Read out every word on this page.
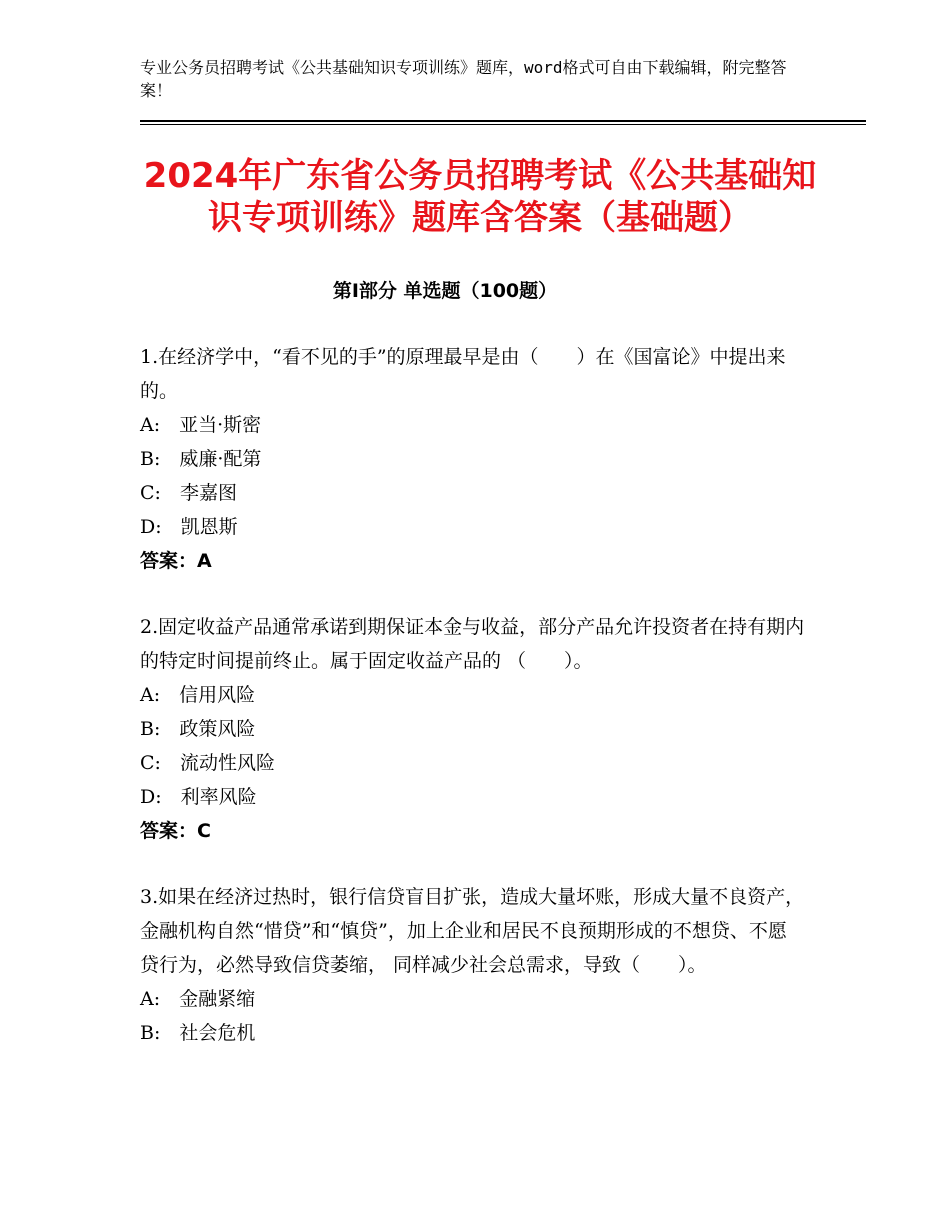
专业公务员招聘考试《公共基础知识专项训练》题库，word格式可自由下载编辑，附完整答案！
2024年广东省公务员招聘考试《公共基础知识专项训练》题库含答案（基础题）
第Ⅰ部分 单选题（100题）

1.在经济学中，“看不见的手”的原理最早是由（　　）在《国富论》中提出来的。

A:　亚当·斯密

B:　威廉·配第

C:　李嘉图

D:　凯恩斯

答案：A

2.固定收益产品通常承诺到期保证本金与收益，部分产品允许投资者在持有期内的特定时间提前终止。属于固定收益产品的 （　　）。

A:　信用风险

B:　政策风险

C:　流动性风险

D:　利率风险

答案：C

3.如果在经济过热时，银行信贷盲目扩张，造成大量坏账，形成大量不良资产，金融机构自然“惜贷”和“慎贷”，加上企业和居民不良预期形成的不想贷、不愿贷行为，必然导致信贷萎缩， 同样减少社会总需求，导致（　　）。

A:　金融紧缩

B:　社会危机
